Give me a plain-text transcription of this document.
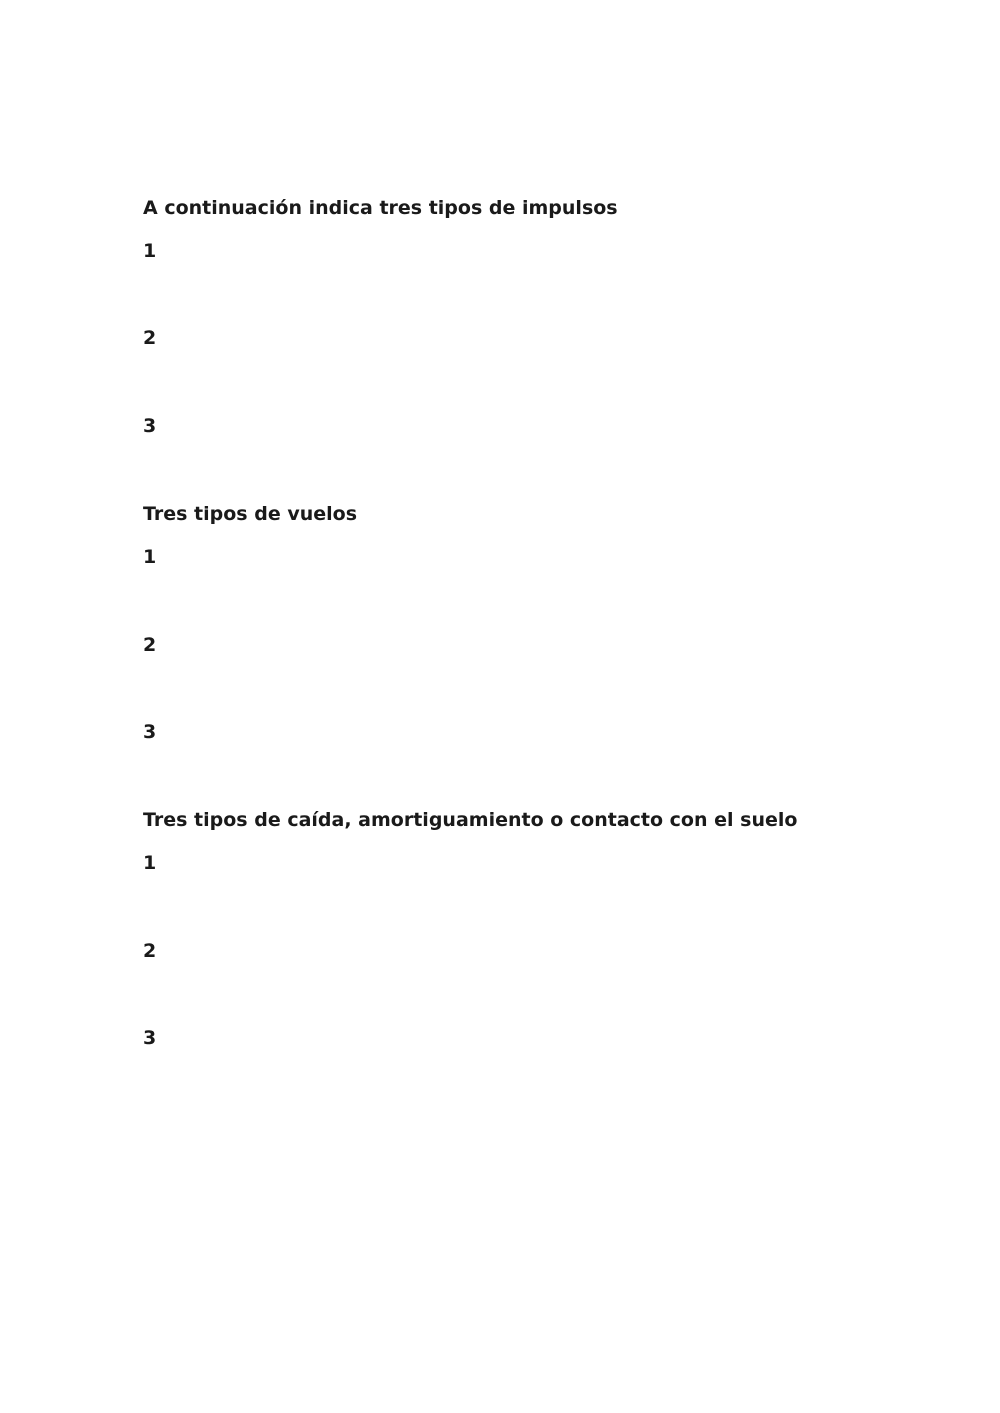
A continuación indica tres tipos de impulsos
1
2
3
Tres tipos de vuelos
1
2
3
Tres tipos de caída, amortiguamiento o contacto con el suelo
1
2
3
